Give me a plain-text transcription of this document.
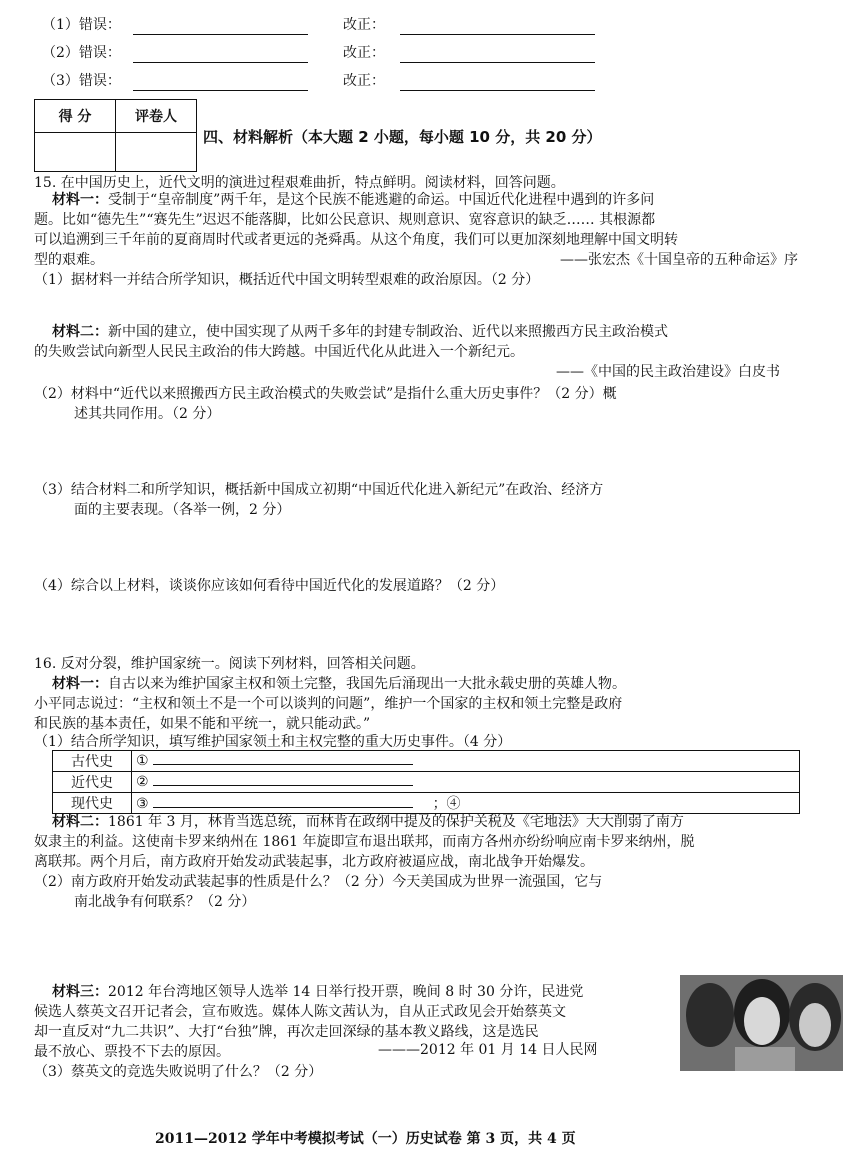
（1）错误：	改正：
（2）错误：	改正：
（3）错误：	改正：
得 分	评卷人

四、材料解析（本大题 2 小题，每小题 10 分，共 20 分）
15. 在中国历史上，近代文明的演进过程艰难曲折，特点鲜明。阅读材料，回答问题。
材料一：受制于“皇帝制度”两千年，是这个民族不能逃避的命运。中国近代化进程中遇到的许多问
题。比如“德先生”“赛先生”迟迟不能落脚，比如公民意识、规则意识、宽容意识的缺乏…… 其根源都
可以追溯到三千年前的夏商周时代或者更远的尧舜禹。从这个角度，我们可以更加深刻地理解中国文明转
型的艰难。	——张宏杰《十国皇帝的五种命运》序
（1）据材料一并结合所学知识，概括近代中国文明转型艰难的政治原因。（2 分）
材料二：新中国的建立，使中国实现了从两千多年的封建专制政治、近代以来照搬西方民主政治模式
的失败尝试向新型人民民主政治的伟大跨越。中国近代化从此进入一个新纪元。
——《中国的民主政治建设》白皮书
（2）材料中“近代以来照搬西方民主政治模式的失败尝试”是指什么重大历史事件？（2 分）概
述其共同作用。（2 分）
（3）结合材料二和所学知识，概括新中国成立初期“中国近代化进入新纪元”在政治、经济方
面的主要表现。（各举一例，2 分）
（4）综合以上材料，谈谈你应该如何看待中国近代化的发展道路？（2 分）
16. 反对分裂，维护国家统一。阅读下列材料，回答相关问题。
材料一：自古以来为维护国家主权和领土完整，我国先后涌现出一大批永载史册的英雄人物。
小平同志说过：“主权和领土不是一个可以谈判的问题”，维护一个国家的主权和领土完整是政府
和民族的基本责任，如果不能和平统一，就只能动武。”
（1）结合所学知识，填写维护国家领土和主权完整的重大历史事件。（4 分）
古代史	①
近代史	②
现代史	③ ；④
材料二：1861 年 3 月，林肯当选总统，而林肯在政纲中提及的保护关税及《宅地法》大大削弱了南方
奴隶主的利益。这使南卡罗来纳州在 1861 年旋即宣布退出联邦，而南方各州亦纷纷响应南卡罗来纳州，脱
离联邦。两个月后，南方政府开始发动武装起事，北方政府被逼应战，南北战争开始爆发。
（2）南方政府开始发动武装起事的性质是什么？（2 分）今天美国成为世界一流强国，它与
南北战争有何联系？（2 分）
材料三：2012 年台湾地区领导人选举 14 日举行投开票，晚间 8 时 30 分许，民进党
候选人蔡英文召开记者会，宣布败选。媒体人陈文茜认为，自从正式政见会开始蔡英文
却一直反对“九二共识”、大打“台独”牌，再次走回深绿的基本教义路线，这是选民
最不放心、票投不下去的原因。	———2012 年 01 月 14 日人民网
（3）蔡英文的竞选失败说明了什么？（2 分）
2011—2012 学年中考模拟考试（一）历史试卷 第 3 页，共 4 页
